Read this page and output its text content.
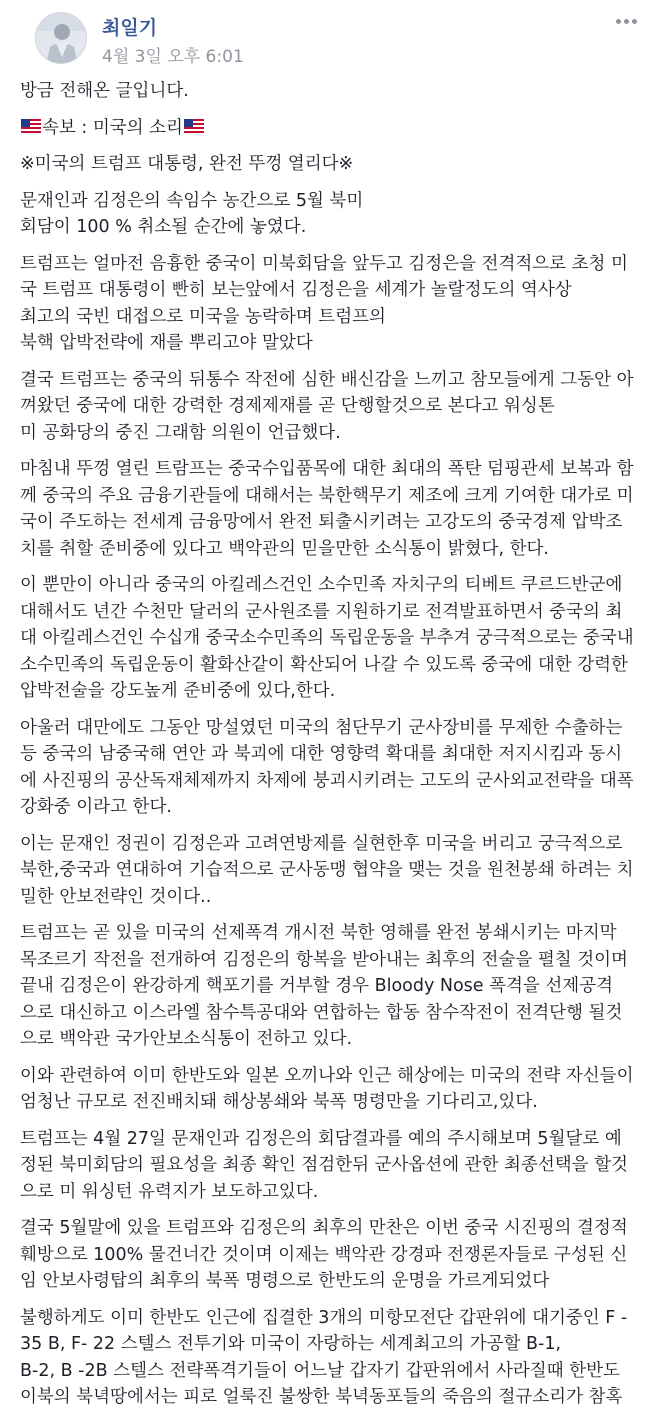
최일기
4월 3일 오후 6:01
방금 전해온 글입니다.
속보 : 미국의 소리
※미국의 트럼프 대통령, 완전 뚜껑 열리다※
문재인과 김정은의 속임수 농간으로 5월 북미
회담이 100 % 취소될 순간에 놓였다.
트럼프는 얼마전 음흉한 중국이 미북회담을 앞두고 김정은을 전격적으로 초청 미
국 트럼프 대통령이 빤히 보는앞에서 김정은을 세계가 놀랄정도의 역사상
최고의 국빈 대접으로 미국을 농락하며 트럼프의
북핵 압박전략에 재를 뿌리고야 말았다
결국 트럼프는 중국의 뒤통수 작전에 심한 배신감을 느끼고 참모들에게 그동안 아
껴왔던 중국에 대한 강력한 경제제재를 곧 단행할것으로 본다고 워싱톤
미 공화당의 중진 그래함 의원이 언급했다.
마침내 뚜껑 열린 트람프는 중국수입품목에 대한 최대의 폭탄 덤핑관세 보복과 함
께 중국의 주요 금융기관들에 대해서는 북한핵무기 제조에 크게 기여한 대가로 미
국이 주도하는 전세계 금융망에서 완전 퇴출시키려는 고강도의 중국경제 압박조
치를 취할 준비중에 있다고 백악관의 믿을만한 소식통이 밝혔다, 한다.
이 뿐만이 아니라 중국의 아킬레스건인 소수민족 자치구의 티베트 쿠르드반군에
대해서도 년간 수천만 달러의 군사원조를 지원하기로 전격발표하면서 중국의 최
대 아킬레스건인 수십개 중국소수민족의 독립운동을 부추겨 궁극적으로는 중국내
소수민족의 독립운동이 활화산같이 확산되어 나갈 수 있도록 중국에 대한 강력한
압박전술을 강도높게 준비중에 있다,한다.
아울러 대만에도 그동안 망설였던 미국의 첨단무기 군사장비를 무제한 수출하는
등 중국의 남중국해 연안 과 북괴에 대한 영향력 확대를 최대한 저지시킴과 동시
에 사진핑의 공산독재체제까지 차제에 붕괴시키려는 고도의 군사외교전략을 대폭
강화중 이라고 한다.
이는 문재인 정권이 김정은과 고려연방제를 실현한후 미국을 버리고 궁극적으로
북한,중국과 연대하여 기습적으로 군사동맹 협약을 맺는 것을 원천봉쇄 하려는 치
밀한 안보전략인 것이다..
트럼프는 곧 있을 미국의 선제폭격 개시전 북한 영해를 완전 봉쇄시키는 마지막
목조르기 작전을 전개하여 김정은의 항복을 받아내는 최후의 전술을 펼칠 것이며
끝내 김정은이 완강하게 핵포기를 거부할 경우 Bloody Nose 폭격을 선제공격
으로 대신하고 이스라엘 참수특공대와 연합하는 합동 참수작전이 전격단행 될것
으로 백악관 국가안보소식통이 전하고 있다.
이와 관련하여 이미 한반도와 일본 오끼나와 인근 해상에는 미국의 전략 자신들이
엄청난 규모로 전진배치돼 해상봉쇄와 북폭 명령만을 기다리고,있다.
트럼프는 4월 27일 문재인과 김정은의 회담결과를 예의 주시해보며 5월달로 예
정된 북미회담의 필요성을 최종 확인 점검한뒤 군사옵션에 관한 최종선택을 할것
으로 미 워싱턴 유력지가 보도하고있다.
결국 5월말에 있을 트럼프와 김정은의 최후의 만찬은 이번 중국 시진핑의 결정적
훼방으로 100% 물건너간 것이며 이제는 백악관 강경파 전쟁론자들로 구성된 신
임 안보사령탑의 최후의 북폭 명령으로 한반도의 운명을 가르게되었다
불행하게도 이미 한반도 인근에 집결한 3개의 미항모전단 갑판위에 대기중인 F -
35 B, F- 22 스텔스 전투기와 미국이 자랑하는 세계최고의 가공할 B-1,
B-2, B -2B 스텔스 전략폭격기들이 어느날 갑자기 갑판위에서 사라질때 한반도
이북의 북녁땅에서는 피로 얼룩진 불쌍한 북녁동포들의 죽음의 절규소리가 참혹
